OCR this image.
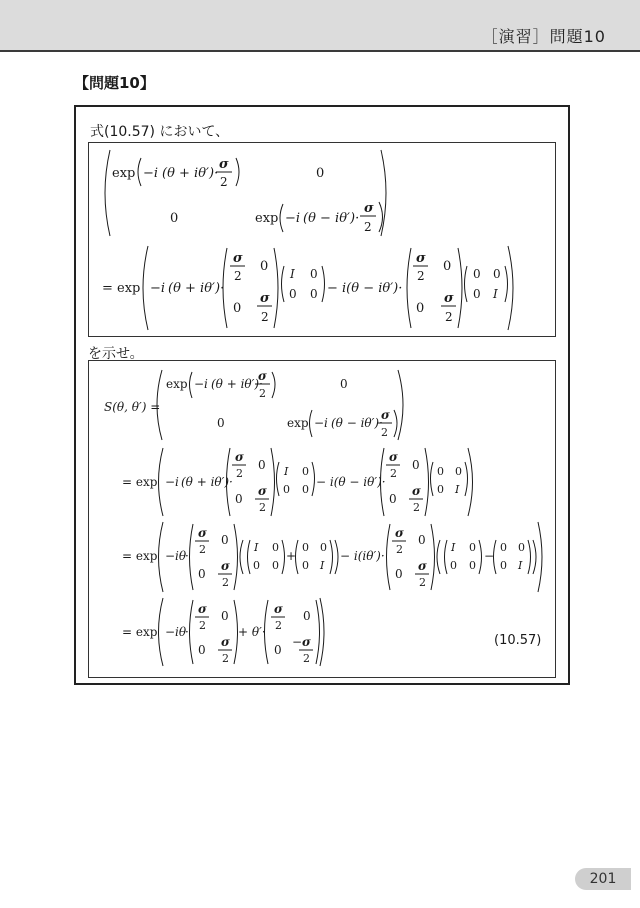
［演習］問題10
【問題10】
式(10.57) において、
を示せ。
(10.57)
exp −i (θ + iθ′)·
σ
2
0
0	exp −i (θ − iθ′)·
σ
2
= exp −i (θ + iθ′)·
σ
2
0
0
σ
2
I 0
0 0 − i(θ − iθ′)·
σ
2
0
0
σ
2
0 0
0 I
S(θ, θ′) =
exp −i (θ + iθ′)·
σ
2
0
0	exp −i (θ − iθ′)·
σ
2
= exp −i (θ + iθ′)·
σ
2
0
0
σ
2
I 0
0 0
− i(θ − iθ′)·
σ
2
0
0
σ
2
0 0
0 I
= exp −iθ
·
σ
2
0
0
σ
2
I 0
0 0
+
0 0
0 I
− i(iθ′)·
σ
2
0
0
σ
2
I 0
0 0
−
0 0
0 I
= exp −iθ
·
σ
2
0
0
σ
2
+ θ′·
σ
2
0
0
− σ
2
201
